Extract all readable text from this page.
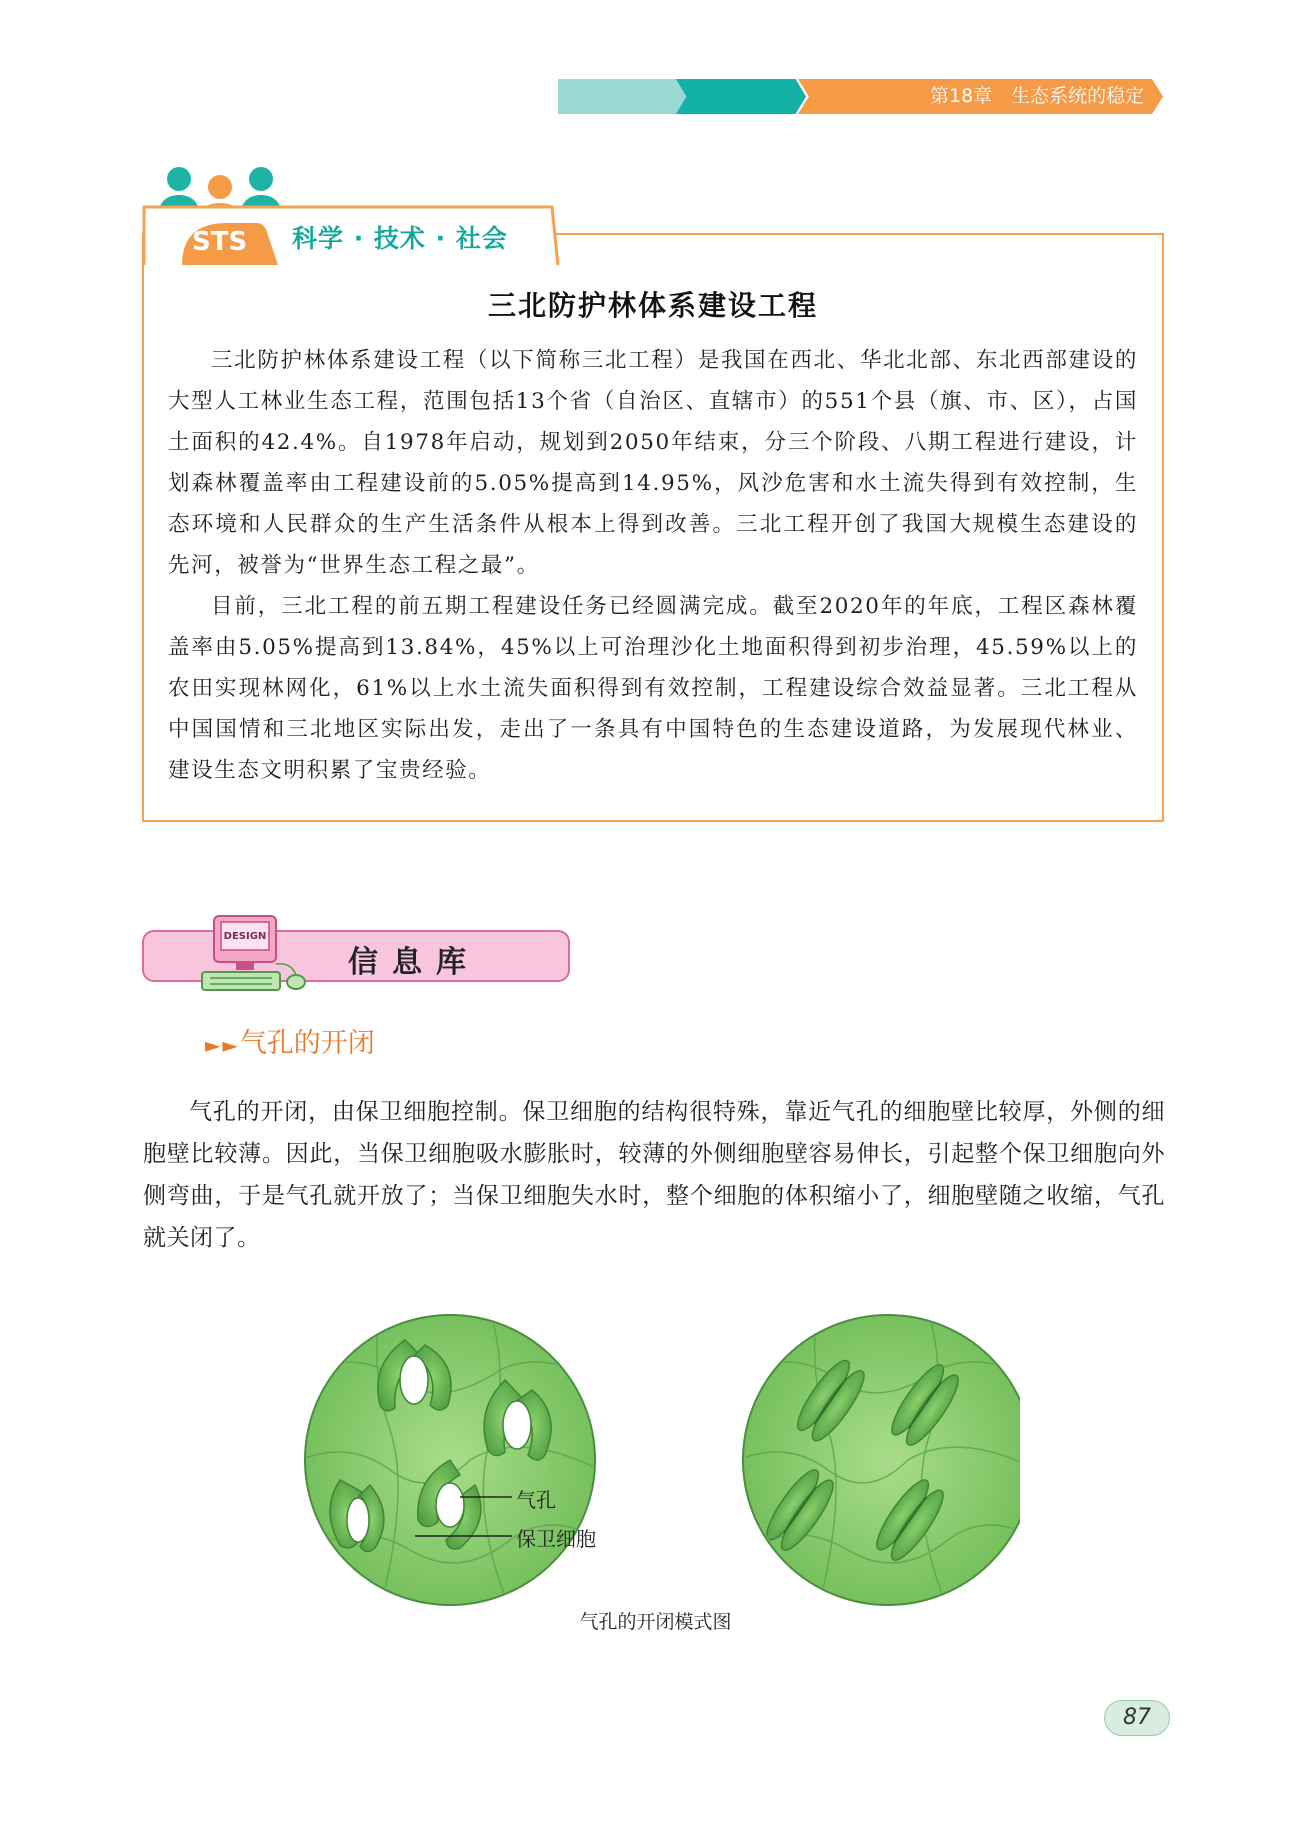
第18章　生态系统的稳定
STS 科学 · 技术 · 社会
三北防护林体系建设工程

三北防护林体系建设工程（以下简称三北工程）是我国在西北、华北北部、东北西部建设的大型人工林业生态工程，范围包括13个省（自治区、直辖市）的551个县（旗、市、区），占国土面积的42.4%。自1978年启动，规划到2050年结束，分三个阶段、八期工程进行建设，计划森林覆盖率由工程建设前的5.05%提高到14.95%，风沙危害和水土流失得到有效控制，生态环境和人民群众的生产生活条件从根本上得到改善。三北工程开创了我国大规模生态建设的先河，被誉为“世界生态工程之最”。

目前，三北工程的前五期工程建设任务已经圆满完成。截至2020年的年底，工程区森林覆盖率由5.05%提高到13.84%，45%以上可治理沙化土地面积得到初步治理，45.59%以上的农田实现林网化，61%以上水土流失面积得到有效控制，工程建设综合效益显著。三北工程从中国国情和三北地区实际出发，走出了一条具有中国特色的生态建设道路，为发展现代林业、建设生态文明积累了宝贵经验。

DESIGN
信息库
►►气孔的开闭

气孔的开闭，由保卫细胞控制。保卫细胞的结构很特殊，靠近气孔的细胞壁比较厚，外侧的细胞壁比较薄。因此，当保卫细胞吸水膨胀时，较薄的外侧细胞壁容易伸长，引起整个保卫细胞向外侧弯曲，于是气孔就开放了；当保卫细胞失水时，整个细胞的体积缩小了，细胞壁随之收缩，气孔就关闭了。

气孔
保卫细胞
气孔的开闭模式图
87
